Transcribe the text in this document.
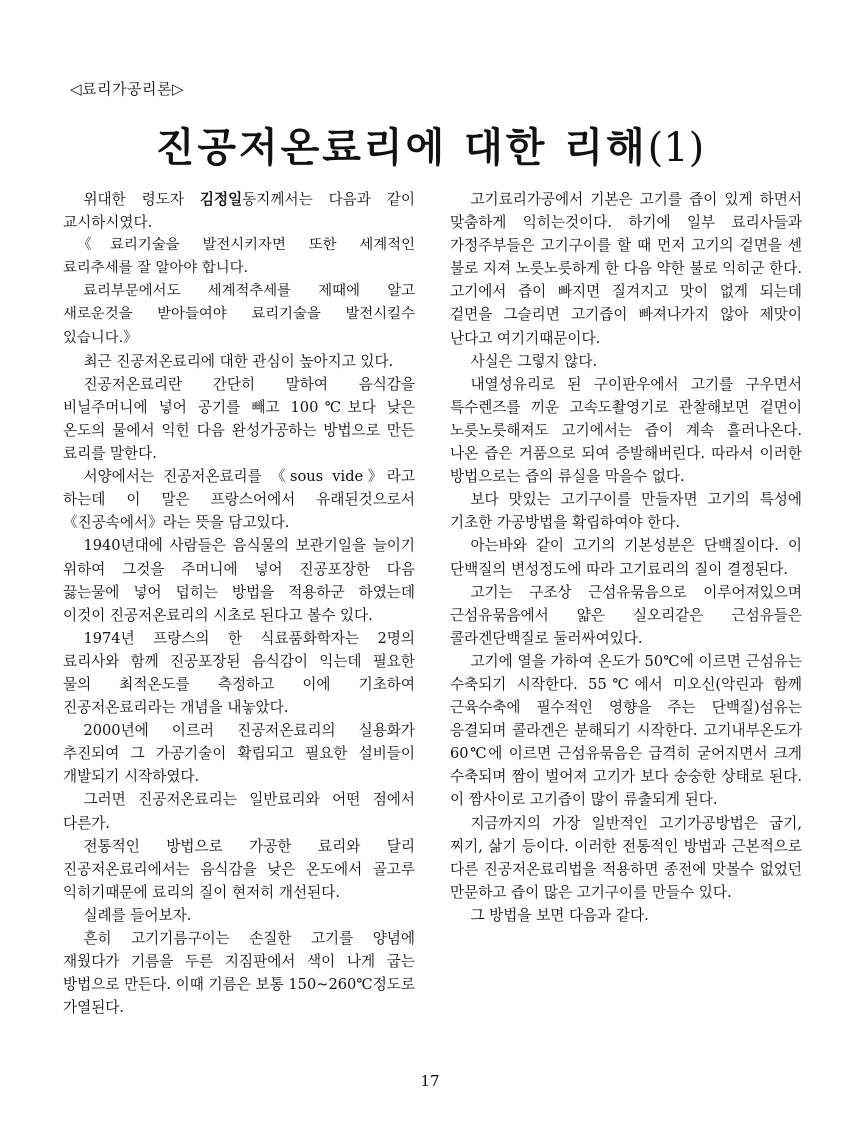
◁료리가공리론▷
진공저온료리에 대한 리해(1)

위대한 령도자 김정일동지께서는 다음과 같이 교시하시였다.

《료리기술을 발전시키자면 또한 세계적인 료리추세를 잘 알아야 합니다.

료리부문에서도 세계적추세를 제때에 알고 새로운것을 받아들여야 료리기술을 발전시킬수 있습니다.》

최근 진공저온료리에 대한 관심이 높아지고 있다.

진공저온료리란 간단히 말하여 음식감을 비닐주머니에 넣어 공기를 빼고 100℃보다 낮은 온도의 물에서 익힌 다음 완성가공하는 방법으로 만든 료리를 말한다.

서양에서는 진공저온료리를 《sous vide》라고 하는데 이 말은 프랑스어에서 유래된것으로서 《진공속에서》라는 뜻을 담고있다.

1940년대에 사람들은 음식물의 보관기일을 늘이기 위하여 그것을 주머니에 넣어 진공포장한 다음 끓는물에 넣어 덥히는 방법을 적용하군 하였는데 이것이 진공저온료리의 시초로 된다고 볼수 있다.

1974년 프랑스의 한 식료품화학자는 2명의 료리사와 함께 진공포장된 음식감이 익는데 필요한 물의 최적온도를 측정하고 이에 기초하여 진공저온료리라는 개념을 내놓았다.

2000년에 이르러 진공저온료리의 실용화가 추진되여 그 가공기술이 확립되고 필요한 설비들이 개발되기 시작하였다.

그러면 진공저온료리는 일반료리와 어떤 점에서 다른가.

전통적인 방법으로 가공한 료리와 달리 진공저온료리에서는 음식감을 낮은 온도에서 골고루 익히기때문에 료리의 질이 현저히 개선된다.

실례를 들어보자.

흔히 고기기름구이는 손질한 고기를 양념에 재웠다가 기름을 두른 지짐판에서 색이 나게 굽는 방법으로 만든다. 이때 기름은 보통 150~260℃정도로 가열된다.

고기료리가공에서 기본은 고기를 즙이 있게 하면서 맞춤하게 익히는것이다. 하기에 일부 료리사들과 가정주부들은 고기구이를 할 때 먼저 고기의 겉면을 센 불로 지져 노릇노릇하게 한 다음 약한 불로 익히군 한다. 고기에서 즙이 빠지면 질겨지고 맛이 없게 되는데 겉면을 그슬리면 고기즙이 빠져나가지 않아 제맛이 난다고 여기기때문이다.

사실은 그렇지 않다.

내열성유리로 된 구이판우에서 고기를 구우면서 특수렌즈를 끼운 고속도촬영기로 관찰해보면 겉면이 노릇노릇해져도 고기에서는 즙이 계속 흘러나온다. 나온 즙은 거품으로 되여 증발해버린다. 따라서 이러한 방법으로는 즙의 류실을 막을수 없다.

보다 맛있는 고기구이를 만들자면 고기의 특성에 기초한 가공방법을 확립하여야 한다.

아는바와 같이 고기의 기본성분은 단백질이다. 이 단백질의 변성정도에 따라 고기료리의 질이 결정된다.

고기는 구조상 근섬유묶음으로 이루어져있으며 근섬유묶음에서 얇은 실오리같은 근섬유들은 콜라겐단백질로 둘러싸여있다.

고기에 열을 가하여 온도가 50℃에 이르면 근섬유는 수축되기 시작한다. 55℃에서 미오신(악린과 함께 근육수축에 필수적인 영향을 주는 단백질)섬유는 응결되며 콜라겐은 분해되기 시작한다. 고기내부온도가 60℃에 이르면 근섬유묶음은 급격히 굳어지면서 크게 수축되며 짬이 벌어져 고기가 보다 숭숭한 상태로 된다. 이 짬사이로 고기즙이 많이 류출되게 된다.

지금까지의 가장 일반적인 고기가공방법은 굽기, 찌기, 삶기 등이다. 이러한 전통적인 방법과 근본적으로 다른 진공저온료리법을 적용하면 종전에 맛볼수 없었던 만문하고 즙이 많은 고기구이를 만들수 있다.

그 방법을 보면 다음과 같다.

17
